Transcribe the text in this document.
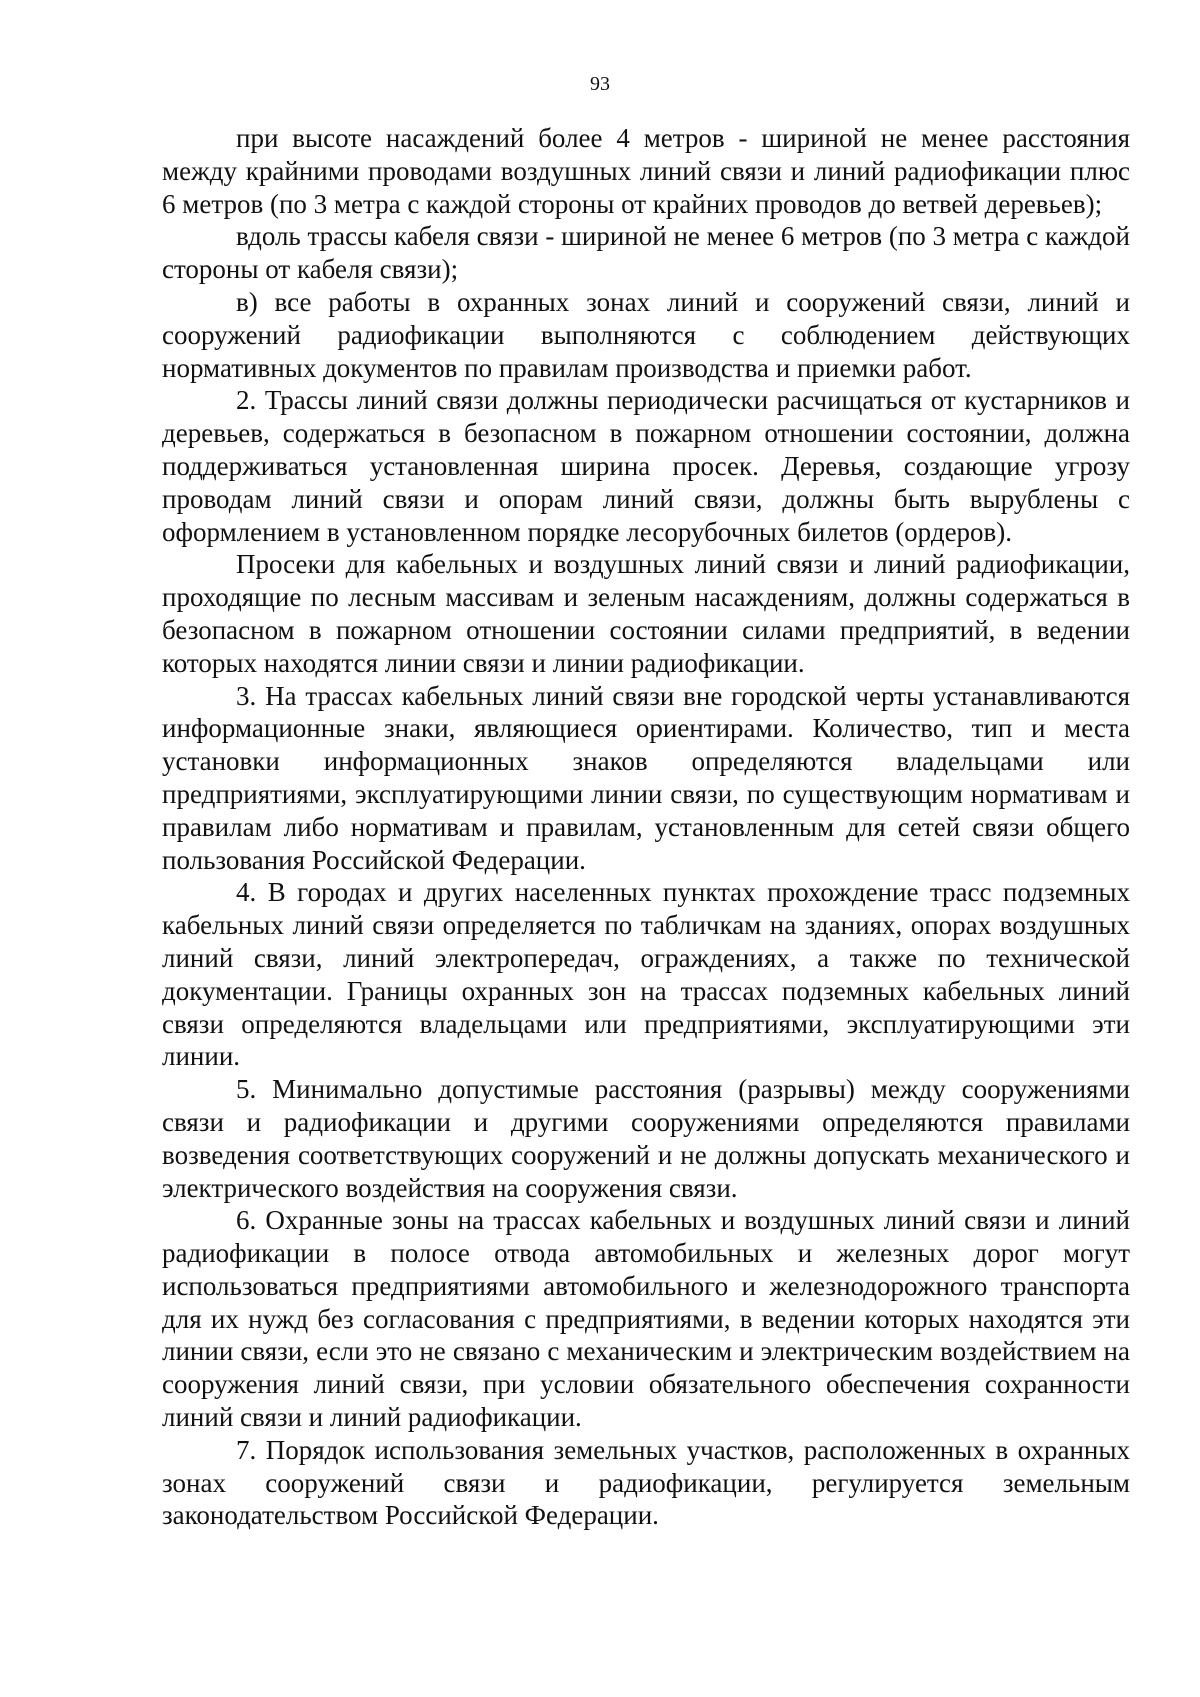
93

при высоте насаждений более 4 метров - шириной не менее расстояния между крайними проводами воздушных линий связи и линий радиофикации плюс 6 метров (по 3 метра с каждой стороны от крайних проводов до ветвей деревьев);

вдоль трассы кабеля связи - шириной не менее 6 метров (по 3 метра с каждой стороны от кабеля связи);

в) все работы в охранных зонах линий и сооружений связи, линий и сооружений радиофикации выполняются с соблюдением действующих нормативных документов по правилам производства и приемки работ.

2. Трассы линий связи должны периодически расчищаться от кустарников и деревьев, содержаться в безопасном в пожарном отношении состоянии, должна поддерживаться установленная ширина просек. Деревья, создающие угрозу проводам линий связи и опорам линий связи, должны быть вырублены с оформлением в установленном порядке лесорубочных билетов (ордеров).

Просеки для кабельных и воздушных линий связи и линий радиофикации, проходящие по лесным массивам и зеленым насаждениям, должны содержаться в безопасном в пожарном отношении состоянии силами предприятий, в ведении которых находятся линии связи и линии радиофикации.

3. На трассах кабельных линий связи вне городской черты устанавливаются информационные знаки, являющиеся ориентирами. Количество, тип и места установки информационных знаков определяются владельцами или предприятиями, эксплуатирующими линии связи, по существующим нормативам и правилам либо нормативам и правилам, установленным для сетей связи общего пользования Российской Федерации.

4. В городах и других населенных пунктах прохождение трасс подземных кабельных линий связи определяется по табличкам на зданиях, опорах воздушных линий связи, линий электропередач, ограждениях, а также по технической документации. Границы охранных зон на трассах подземных кабельных линий связи определяются владельцами или предприятиями, эксплуатирующими эти линии.

5. Минимально допустимые расстояния (разрывы) между сооружениями связи и радиофикации и другими сооружениями определяются правилами возведения соответствующих сооружений и не должны допускать механического и электрического воздействия на сооружения связи.

6. Охранные зоны на трассах кабельных и воздушных линий связи и линий радиофикации в полосе отвода автомобильных и железных дорог могут использоваться предприятиями автомобильного и железнодорожного транспорта для их нужд без согласования с предприятиями, в ведении которых находятся эти линии связи, если это не связано с механическим и электрическим воздействием на сооружения линий связи, при условии обязательного обеспечения сохранности линий связи и линий радиофикации.

7. Порядок использования земельных участков, расположенных в охранных зонах сооружений связи и радиофикации, регулируется земельным законодательством Российской Федерации.
